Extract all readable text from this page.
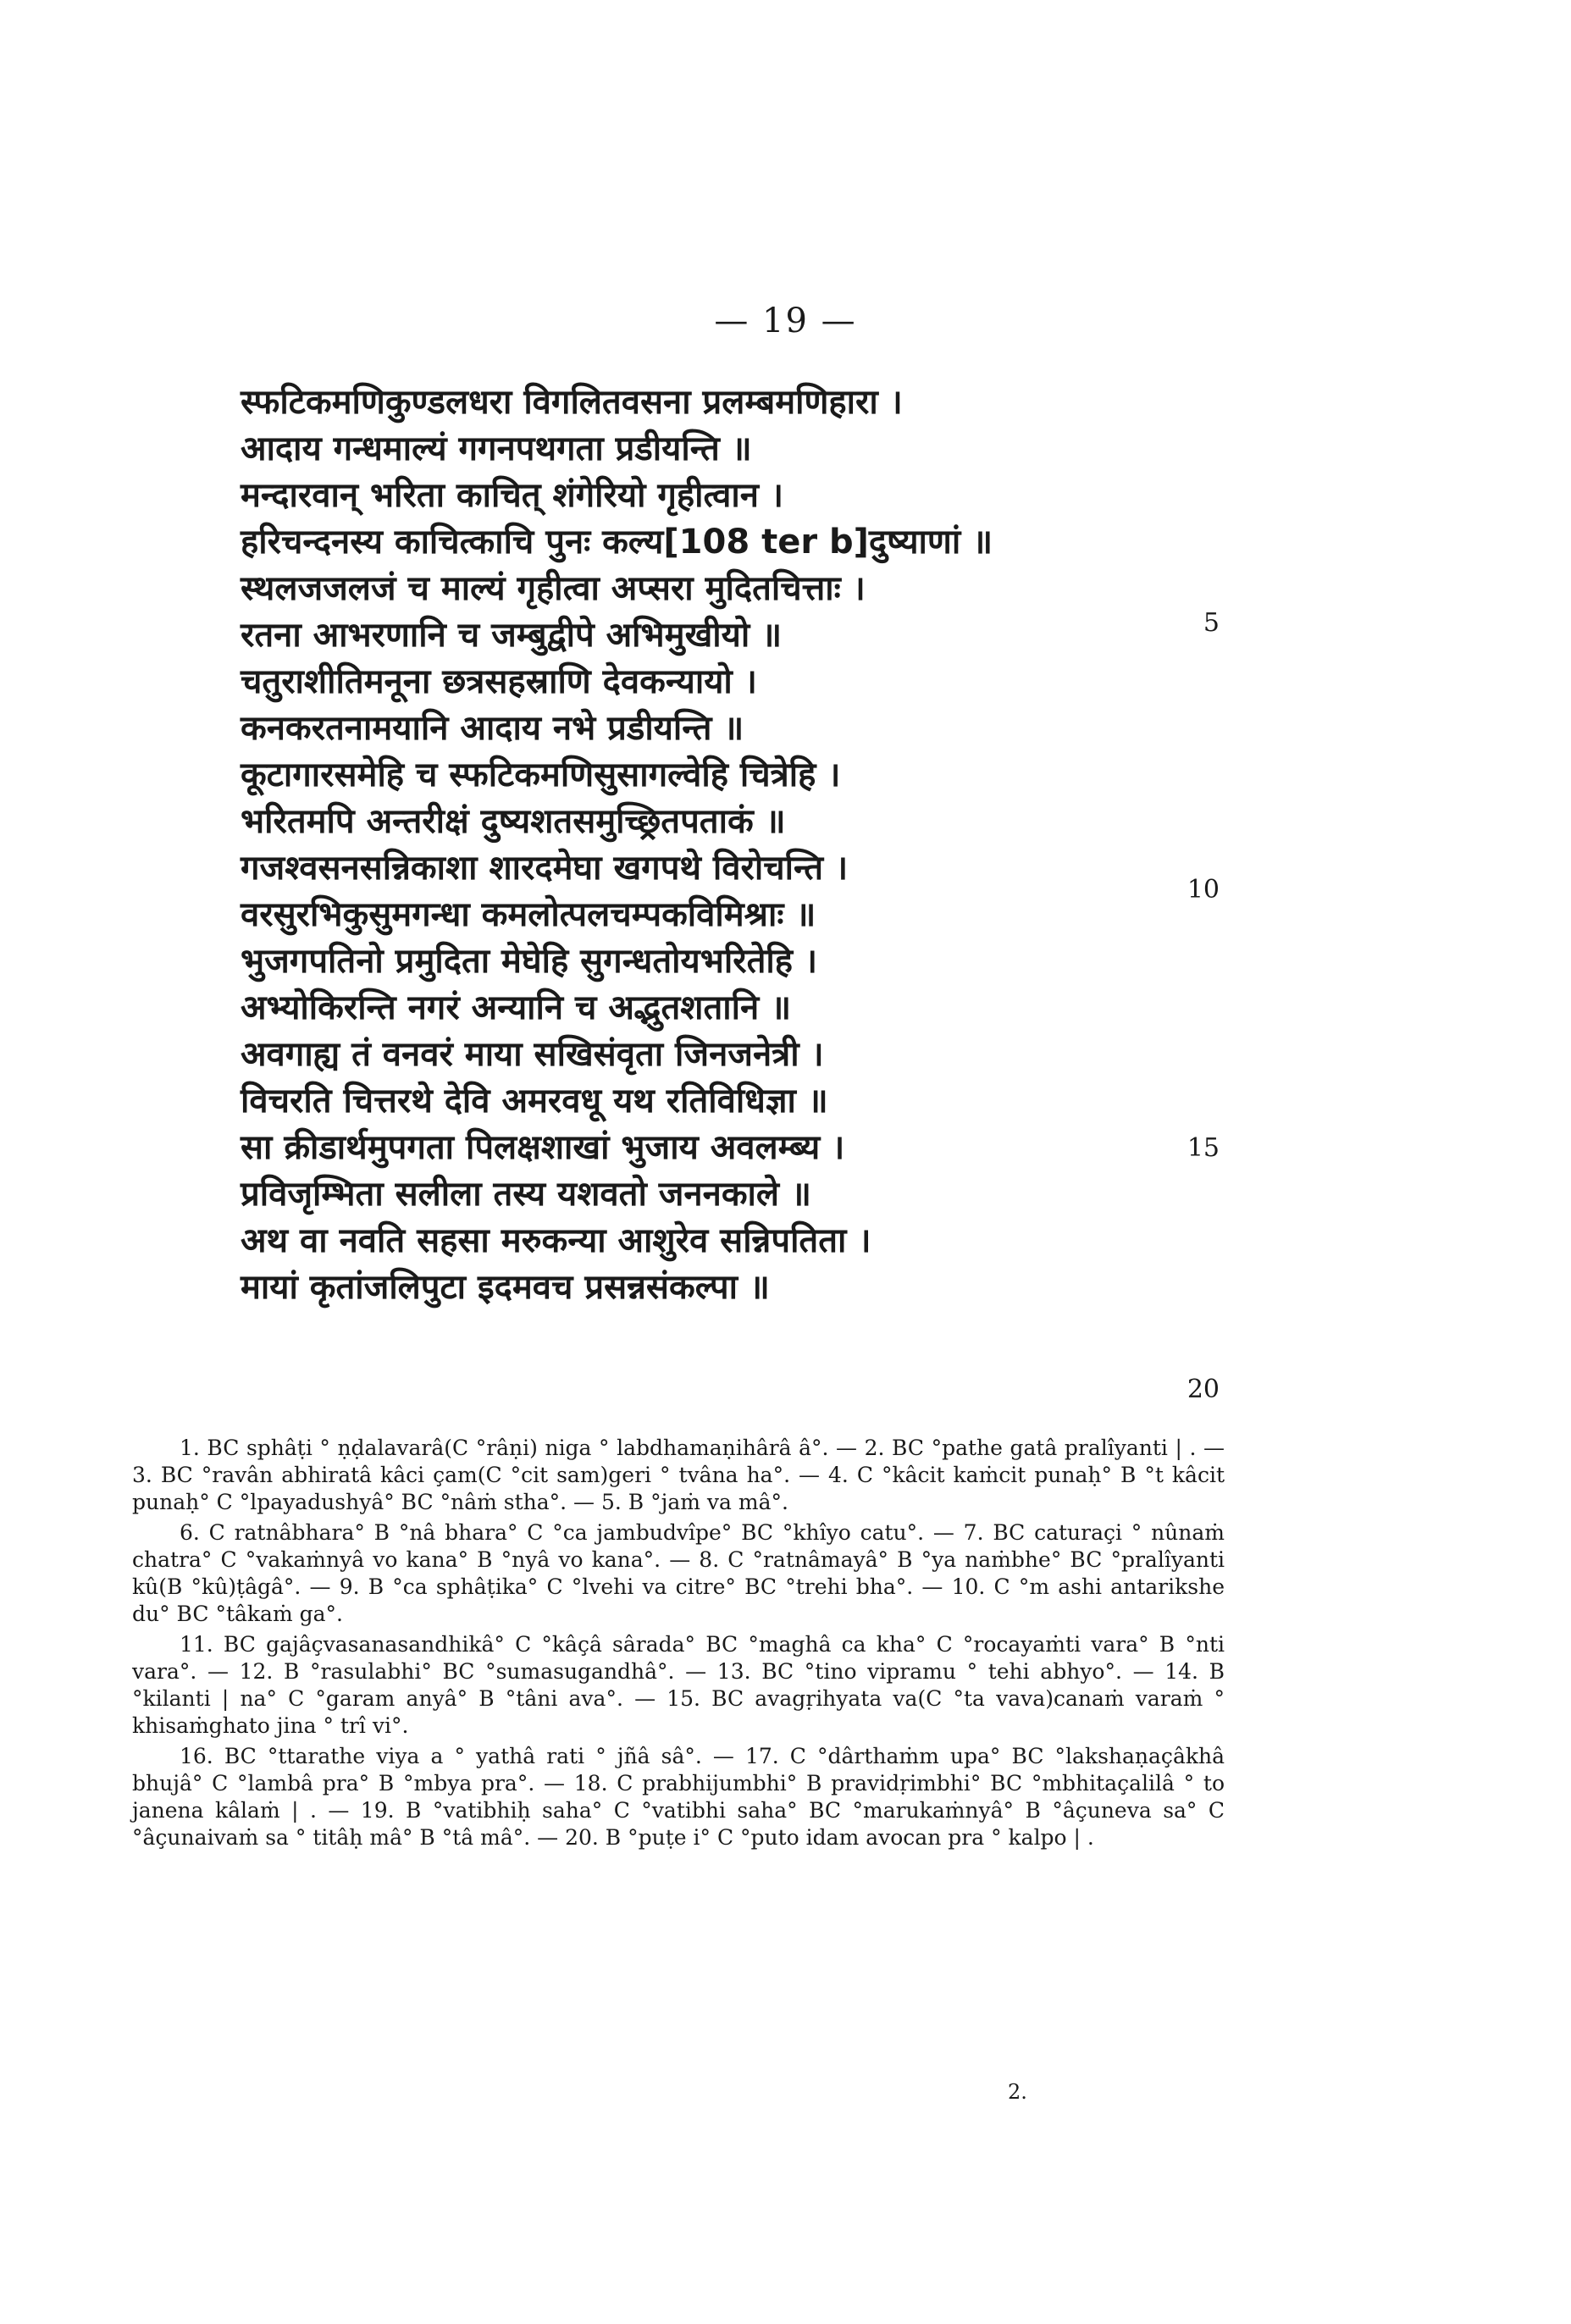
— 19 —
स्फटिकमणिकुण्डलधरा विगलितवसना प्रलम्बमणिहारा ।
आदाय गन्धमाल्यं गगनपथगता प्रडीयन्ति ॥
मन्दारवान् भरिता काचित् शंगेरियो गृहीत्वान ।
हरिचन्दनस्य काचित्काचि पुनः कल्य[108 ter b]दुष्याणां ॥
स्थलजजलजं च माल्यं गृहीत्वा अप्सरा मुदितचित्ताः ।
रतना आभरणानि च जम्बुद्वीपे अभिमुखीयो ॥
चतुराशीतिमनूना छत्रसहस्राणि देवकन्यायो ।
कनकरतनामयानि आदाय नभे प्रडीयन्ति ॥
कूटागारसमेहि च स्फटिकमणिसुसागल्वेहि चित्रेहि ।
भरितमपि अन्तरीक्षं दुष्यशतसमुच्छ्रितपताकं ॥
गजश्वसनसन्निकाशा शारदमेघा खगपथे विरोचन्ति ।
वरसुरभिकुसुमगन्धा कमलोत्पलचम्पकविमिश्राः ॥
भुजगपतिनो प्रमुदिता मेघेहि सुगन्धतोयभरितेहि ।
अभ्योकिरन्ति नगरं अन्यानि च अद्भुतशतानि ॥
अवगाह्य तं वनवरं माया सखिसंवृता जिनजनेत्री ।
विचरति चित्तरथे देवि अमरवधू यथ रतिविधिज्ञा ॥
सा क्रीडार्थमुपगता पिलक्षशाखां भुजाय अवलम्ब्य ।
प्रविजृम्भिता सलीला तस्य यशवतो जननकाले ॥
अथ वा नवति सहसा मरुकन्या आशुरेव सन्निपतिता ।
मायां कृतांजलिपुटा इदमवच प्रसन्नसंकल्पा ॥
5
10
15
20

1. BC sphâṭi ° ṇḍalavarâ(C °râṇi) niga ° labdhamaṇihârâ â°. — 2. BC °pathe gatâ pralîyanti | . — 3. BC °ravân abhiratâ kâci çam(C °cit sam)geri ° tvâna ha°. — 4. C °kâcit kaṁcit punaḥ° B °t kâcit punaḥ° C °lpayadushyâ° BC °nâṁ stha°. — 5. B °jaṁ va mâ°.

6. C ratnâbhara° B °nâ bhara° C °ca jambudvîpe° BC °khîyo catu°. — 7. BC caturaçi ° nûnaṁ chatra° C °vakaṁnyâ vo kana° B °nyâ vo kana°. — 8. C °ratnâmayâ° B °ya naṁbhe° BC °pralîyanti kû(B °kû)ṭâgâ°. — 9. B °ca sphâṭika° C °lvehi va citre° BC °trehi bha°. — 10. C °m ashi antarikshe du° BC °tâkaṁ ga°.

11. BC gajâçvasanasandhikâ° C °kâçâ sârada° BC °maghâ ca kha° C °rocayaṁti vara° B °nti vara°. — 12. B °rasulabhi° BC °sumasugandhâ°. — 13. BC °tino vipramu ° tehi abhyo°. — 14. B °kilanti | na° C °garam anyâ° B °tâni ava°. — 15. BC avagṛihyata va(C °ta vava)canaṁ varaṁ ° khisaṁghato jina ° trî vi°.

16. BC °ttarathe viya a ° yathâ rati ° jñâ sâ°. — 17. C °dârthaṁm upa° BC °lakshaṇaçâkhâ bhujâ° C °lambâ pra° B °mbya pra°. — 18. C prabhijumbhi° B pravidṛimbhi° BC °mbhitaçalilâ ° to janena kâlaṁ | . — 19. B °vatibhiḥ saha° C °vatibhi saha° BC °marukaṁnyâ° B °âçuneva sa° C °âçunaivaṁ sa ° titâḥ mâ° B °tâ mâ°. — 20. B °puṭe i° C °puto idam avocan pra ° kalpo | .

2.
